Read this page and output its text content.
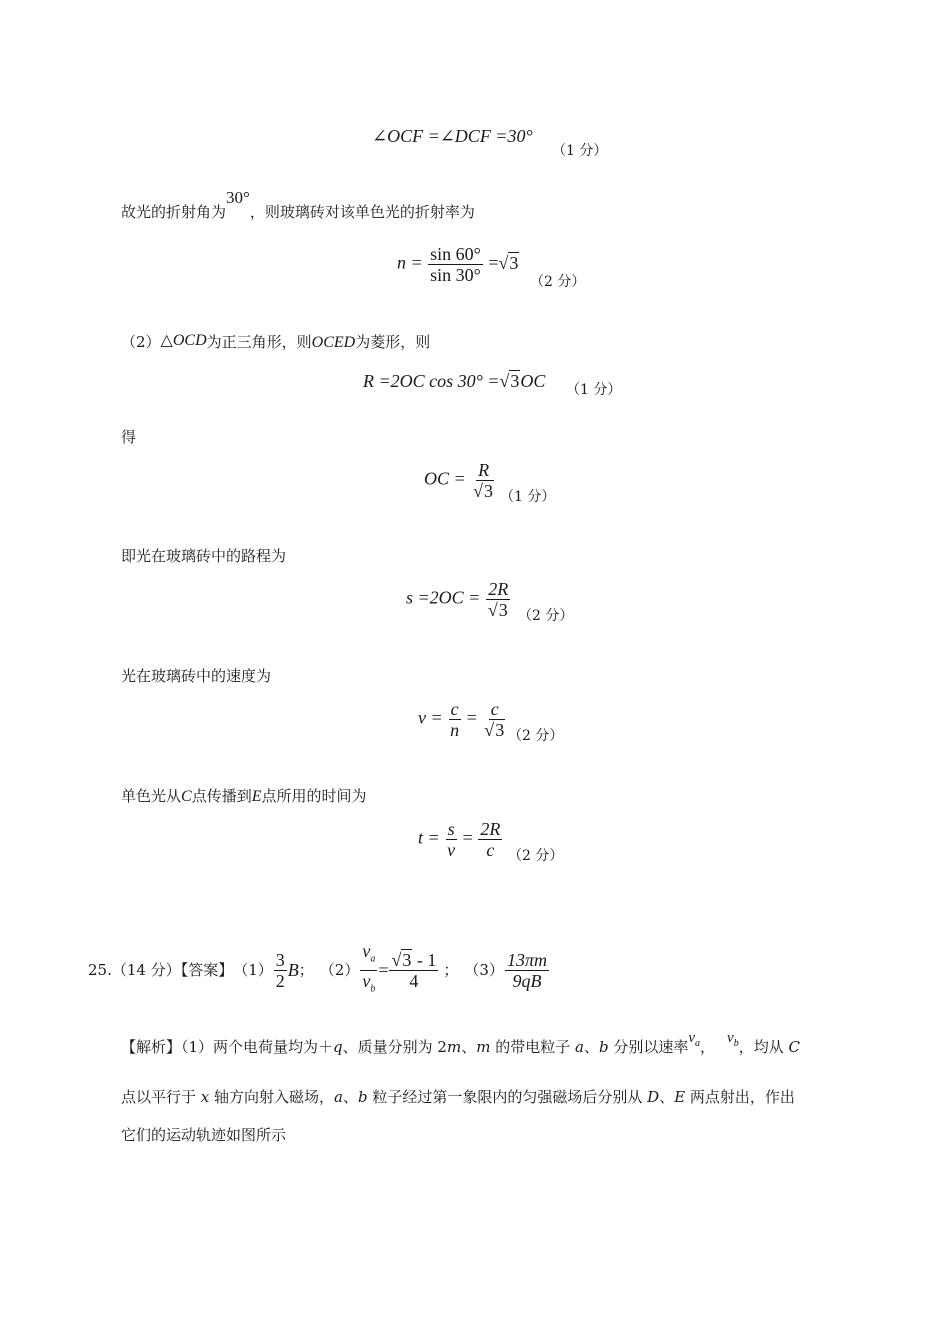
∠OCF =∠DCF =30°
（1 分）
故光的折射角为30°，则玻璃砖对该单色光的折射率为
$n = \frac{\sin 60^\circ}{\sin 30^\circ} =√3$
（2 分）
（2）△OCD为正三角形，则OCED为菱形，则
R =2OC cos 30° =√3OC （1 分）
得
OC = $\frac{R}{√3} (1$ 分）
即光在玻璃砖中的路程为
$s =2OC = \frac{2R}{√3} (2$ 分）
光在玻璃砖中的速度为
$v = \frac{c}{n} = \frac{c}{√3} (2$ 分）
单色光从C点传播到E点所用的时间为
$t = \frac{s}{v} = \frac{2R}{c} (2$ 分）
25.（14 分）【答案】 $(1) \frac{3}{2}$ B ； $(2) \frac{v_a}{v_b} = \frac{√3 - 1}{4}$ ； $(3) \frac{13\pi m}{9qB}$
【解析】（1）两个电荷量均为＋q、质量分别为 2m、m 的带电粒子 a、b 分别以速率$v_a$， $v_b$，均从 C
点以平行于 x 轴方向射入磁场，a、b 粒子经过第一象限内的匀强磁场后分别从 D、E 两点射出，作出
它们的运动轨迹如图所示
